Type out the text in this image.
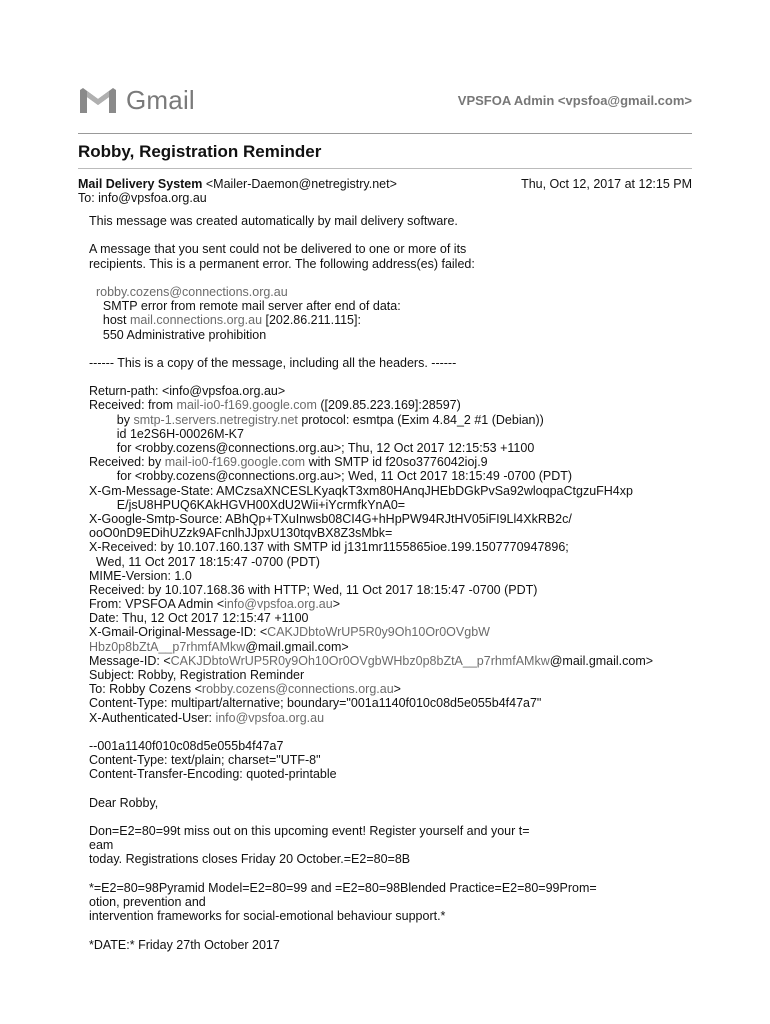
Gmail	VPSFOA Admin <vpsfoa@gmail.com>
Robby, Registration Reminder
Mail Delivery System <Mailer-Daemon@netregistry.net>	Thu, Oct 12, 2017 at 12:15 PM
To: info@vpsfoa.org.au
This message was created automatically by mail delivery software.
A message that you sent could not be delivered to one or more of its
recipients. This is a permanent error. The following address(es) failed:
robby.cozens@connections.org.au
SMTP error from remote mail server after end of data:
host mail.connections.org.au [202.86.211.115]:
550 Administrative prohibition
------ This is a copy of the message, including all the headers. ------
Return-path: <info@vpsfoa.org.au>
Received: from mail-io0-f169.google.com ([209.85.223.169]:28597)
by smtp-1.servers.netregistry.net protocol: esmtpa (Exim 4.84_2 #1 (Debian))
id 1e2S6H-00026M-K7
for <robby.cozens@connections.org.au>; Thu, 12 Oct 2017 12:15:53 +1100
Received: by mail-io0-f169.google.com with SMTP id f20so3776042ioj.9
for <robby.cozens@connections.org.au>; Wed, 11 Oct 2017 18:15:49 -0700 (PDT)
X-Gm-Message-State: AMCzsaXNCESLKyaqkT3xm80HAnqJHEbDGkPvSa92wloqpaCtgzuFH4xp
E/jsU8HPUQ6KAkHGVH00XdU2Wii+iYcrmfkYnA0=
X-Google-Smtp-Source: ABhQp+TXuInwsb08CI4G+hHpPW94RJtHV05iFI9Ll4XkRB2c/
ooO0nD9EDihUZzk9AFcnlhJJpxU130tqvBX8Z3sMbk=
X-Received: by 10.107.160.137 with SMTP id j131mr1155865ioe.199.1507770947896;
Wed, 11 Oct 2017 18:15:47 -0700 (PDT)
MIME-Version: 1.0
Received: by 10.107.168.36 with HTTP; Wed, 11 Oct 2017 18:15:47 -0700 (PDT)
From: VPSFOA Admin <info@vpsfoa.org.au>
Date: Thu, 12 Oct 2017 12:15:47 +1100
X-Gmail-Original-Message-ID: <CAKJDbtoWrUP5R0y9Oh10Or0OVgbW
Hbz0p8bZtA__p7rhmfAMkw@mail.gmail.com>
Message-ID: <CAKJDbtoWrUP5R0y9Oh10Or0OVgbWHbz0p8bZtA__p7rhmfAMkw@mail.gmail.com>
Subject: Robby, Registration Reminder
To: Robby Cozens <robby.cozens@connections.org.au>
Content-Type: multipart/alternative; boundary="001a1140f010c08d5e055b4f47a7"
X-Authenticated-User: info@vpsfoa.org.au
--001a1140f010c08d5e055b4f47a7
Content-Type: text/plain; charset="UTF-8"
Content-Transfer-Encoding: quoted-printable
Dear Robby,
Don=E2=80=99t miss out on this upcoming event! Register yourself and your t=
eam
today. Registrations closes Friday 20 October.=E2=80=8B
*=E2=80=98Pyramid Model=E2=80=99 and =E2=80=98Blended Practice=E2=80=99Prom=
otion, prevention and
intervention frameworks for social-emotional behaviour support.*
*DATE:* Friday 27th October 2017
